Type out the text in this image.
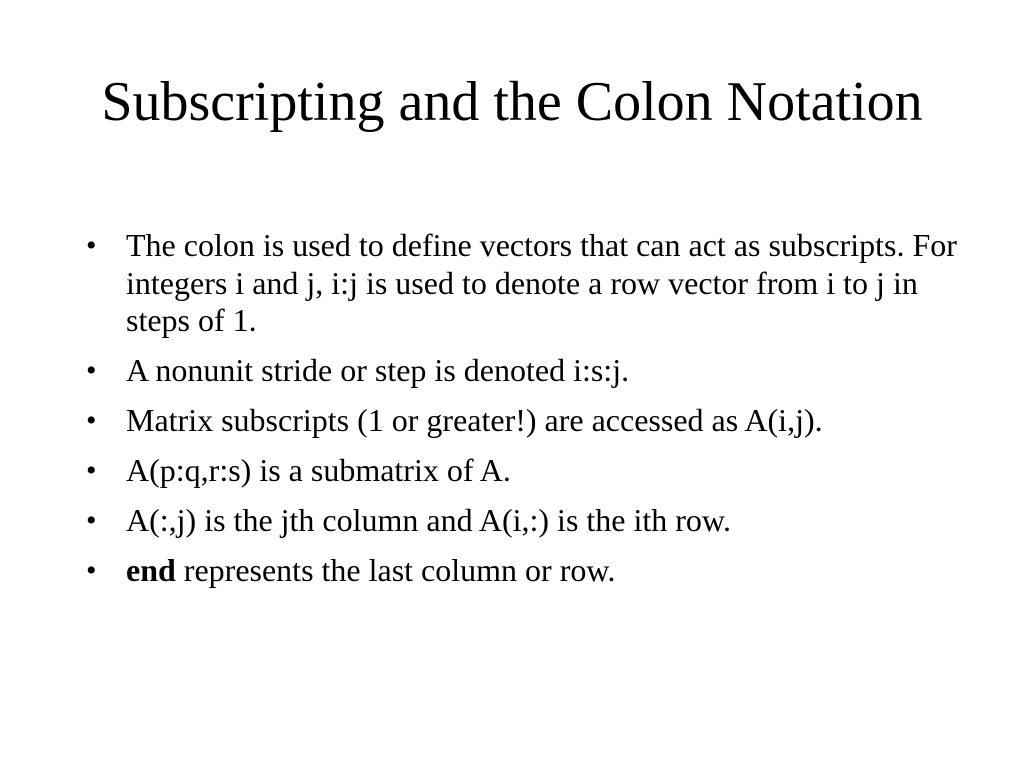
Subscripting and the Colon Notation
• The colon is used to define vectors that can act as subscripts. For integers i and j, i:j is used to denote a row vector from i to j in steps of 1.
• A nonunit stride or step is denoted i:s:j.
• Matrix subscripts (1 or greater!) are accessed as A(i,j).
• A(p:q,r:s) is a submatrix of A.
• A(:,j) is the jth column and A(i,:) is the ith row.
• end represents the last column or row.
